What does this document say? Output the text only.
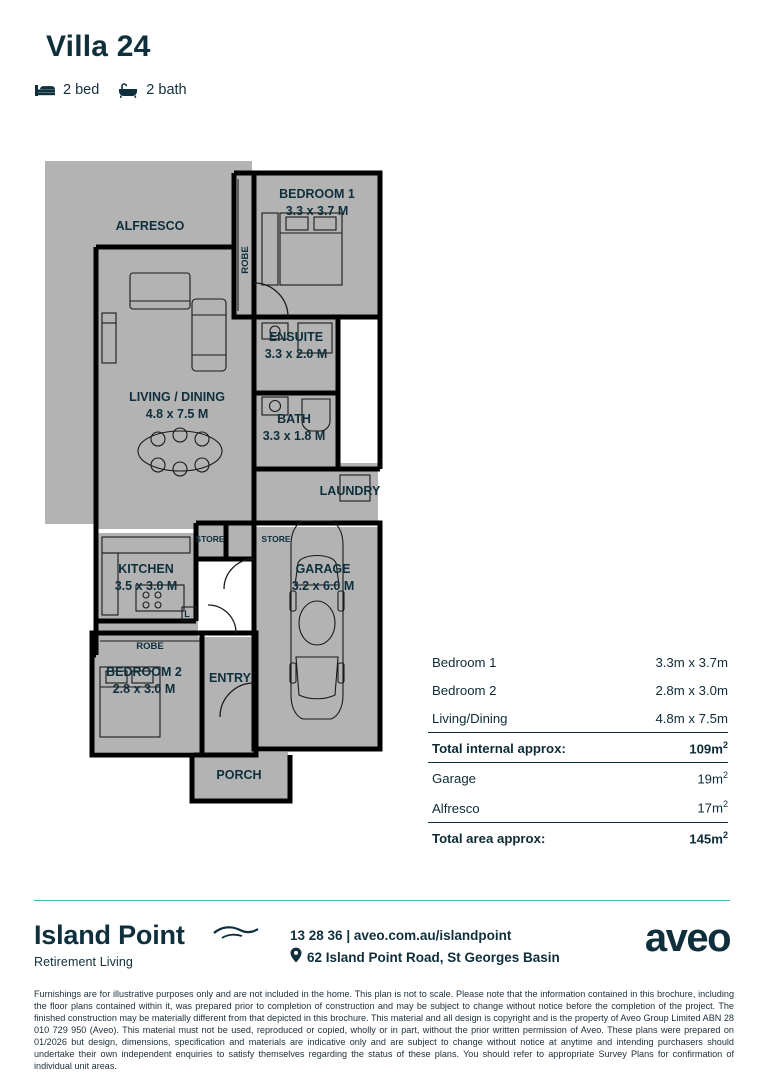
Villa 24
2 bed	2 bath
ALFRESCO
BEDROOM 1
3.3 x 3.7 M
ROBE
ENSUITE
3.3 x 2.0 M
BATH
3.3 x 1.8 M
LIVING / DINING
4.8 x 7.5 M
LAUNDRY
STORE	STORE
KITCHEN
3.5 x 3.0 M
L
GARAGE
3.2 x 6.0 M
ROBE
BEDROOM 2
2.8 x 3.0 M
ENTRY
PORCH
Bedroom 1	3.3m x 3.7m
Bedroom 2	2.8m x 3.0m
Living/Dining	4.8m x 7.5m
Total internal approx:	$109m^2$
Garage	$19m^2$
Alfresco	$17m^2$
Total area approx:	$145m^2$
Island Point
Retirement Living
13 28 36 | aveo.com.au/islandpoint
62 Island Point Road, St Georges Basin aveo
Furnishings are for illustrative purposes only and are not included in the home. This plan is not to scale. Please note that the information contained in this brochure, including the floor plans contained within it, was prepared prior to completion of construction and may be subject to change without notice before the completion of the project. The finished construction may be materially different from that depicted in this brochure. This material and all design is copyright and is the property of Aveo Group Limited ABN 28 010 729 950 (Aveo). This material must not be used, reproduced or copied, wholly or in part, without the prior written permission of Aveo. These plans were prepared on 01/2026 but design, dimensions, specification and materials are indicative only and are subject to change without notice at anytime and intending purchasers should undertake their own independent enquiries to satisfy themselves regarding the status of these plans. You should refer to appropriate Survey Plans for confirmation of individual unit areas.
